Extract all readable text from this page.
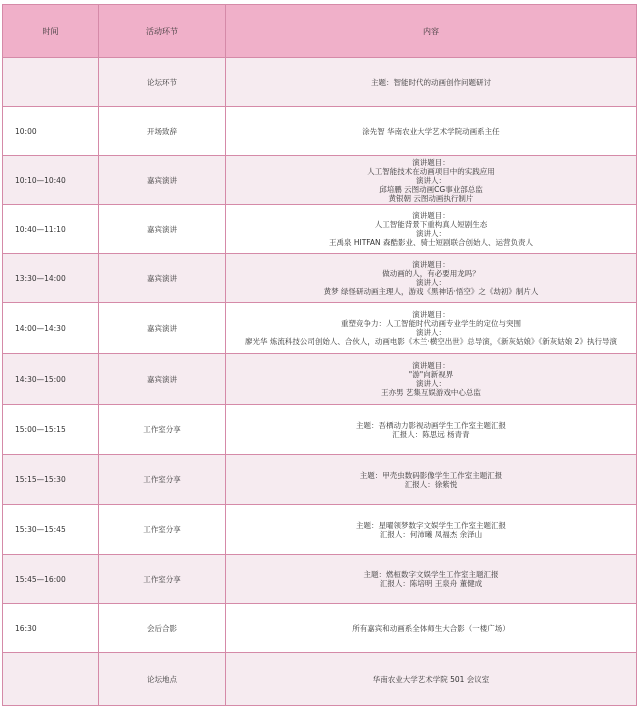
时间	活动环节	内容
	论坛环节	主题：智能时代的动画创作问题研讨

10:00	开场致辞	涂先智 华南农业大学艺术学院动画系主任

10:10—10:40	嘉宾演讲	演讲题目：
人工智能技术在动画项目中的实践应用
演讲人：
邱培鹏 云图动画CG事业部总监
黄银朝 云图动画执行制片

10:40—11:10	嘉宾演讲	演讲题目：
人工智能背景下重构真人短剧生态
演讲人：
王禹泉 HITFAN 森酷影业、骑士短剧联合创始人、运营负责人

13:30—14:00	嘉宾演讲	演讲题目：
做动画的人，有必要用龙吗？
演讲人：
黄梦 绿怪研动画主理人，游戏《黑神话·悟空》之《劫初》制片人

14:00—14:30	嘉宾演讲	演讲题目：
重塑竞争力：人工智能时代动画专业学生的定位与突围
演讲人：
廖光华 炼流科技公司创始人、合伙人，动画电影《木兰·横空出世》总导演，《新灰姑娘》《新灰姑娘 2》执行导演

14:30—15:00	嘉宾演讲	演讲题目：
"游"向新视界
演讲人：
王亦男 艺集互娱游戏中心总监

15:00—15:15	工作室分享	主题：吾栖动力影视动画学生工作室主题汇报
汇报人：陈思远 杨青青

15:15—15:30	工作室分享	主题：甲壳虫数码影像学生工作室主题汇报
汇报人：徐紫悦

15:30—15:45	工作室分享	主题：星曜领梦数字文娱学生工作室主题汇报
汇报人：何沛曦 凤福杰 余泽山

15:45—16:00	工作室分享	主题：燃桓数字文娱学生工作室主题汇报
汇报人：陈培明 王泉舟 董健成

16:30	会后合影	所有嘉宾和动画系全体师生大合影（一楼广场）

	论坛地点	华南农业大学艺术学院 501 会议室
